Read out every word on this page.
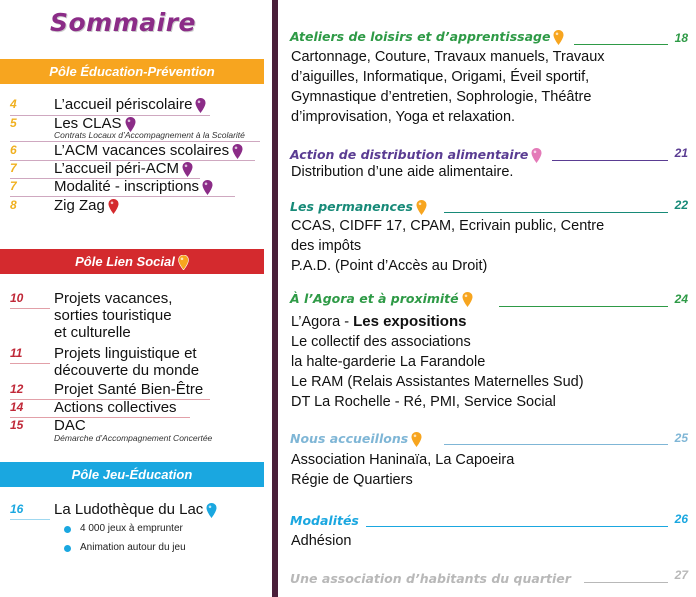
Sommaire
Pôle Éducation-Prévention
4 L’accueil périscolaire
5 Les CLAS
Contrats Locaux d’Accompagnement à la Scolarité
6 L’ACM vacances scolaires
7 L’accueil péri-ACM
7 Modalité - inscriptions
8 Zig Zag
Pôle Lien Social
10 Projets vacances,
sorties touristique
et culturelle
11 Projets linguistique et
découverte du monde
12 Projet Santé Bien-Être
14 Actions collectives
15 DAC
Démarche d’Accompagnement Concertée
Pôle Jeu-Éducation
16 La Ludothèque du Lac
4 000 jeux à emprunter
Animation autour du jeu
Ateliers de loisirs et d’apprentissage	18
Cartonnage, Couture, Travaux manuels, Travaux
d’aiguilles, Informatique, Origami, Éveil sportif,
Gymnastique d’entretien, Sophrologie, Théâtre
d’improvisation, Yoga et relaxation.
Action de distribution alimentaire	21
Distribution d’une aide alimentaire.
Les permanences	22
CCAS, CIDFF 17, CPAM, Ecrivain public, Centre
des impôts
P.A.D. (Point d’Accès au Droit)
À l’Agora et à proximité	24
L’Agora - Les expositions
Le collectif des associations
la halte-garderie La Farandole
Le RAM (Relais Assistantes Maternelles Sud)
DT La Rochelle - Ré, PMI, Service Social
Nous accueillons	25
Association Haninaïa, La Capoeira
Régie de Quartiers
Modalités	26
Adhésion
Une association d’habitants du quartier	27
